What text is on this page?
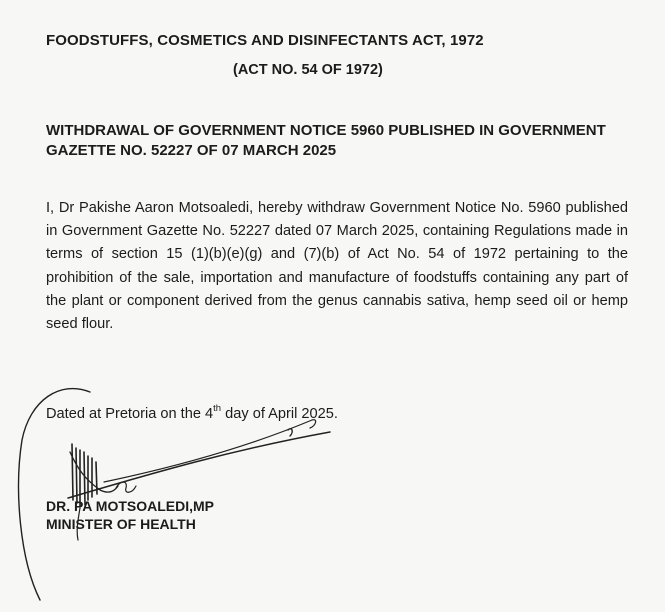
FOODSTUFFS, COSMETICS AND DISINFECTANTS ACT, 1972
(ACT NO. 54 OF 1972)
WITHDRAWAL OF GOVERNMENT NOTICE 5960 PUBLISHED IN GOVERNMENT GAZETTE NO. 52227 OF 07 MARCH 2025

I, Dr Pakishe Aaron Motsoaledi, hereby withdraw Government Notice No. 5960 published in Government Gazette No. 52227 dated 07 March 2025, containing Regulations made in terms of section 15 (1)(b)(e)(g) and (7)(b) of Act No. 54 of 1972 pertaining to the prohibition of the sale, importation and manufacture of foodstuffs containing any part of the plant or component derived from the genus cannabis sativa, hemp seed oil or hemp seed flour.

Dated at Pretoria on the 4th day of April 2025.
DR. PA MOTSOALEDI,MP
MINISTER OF HEALTH
